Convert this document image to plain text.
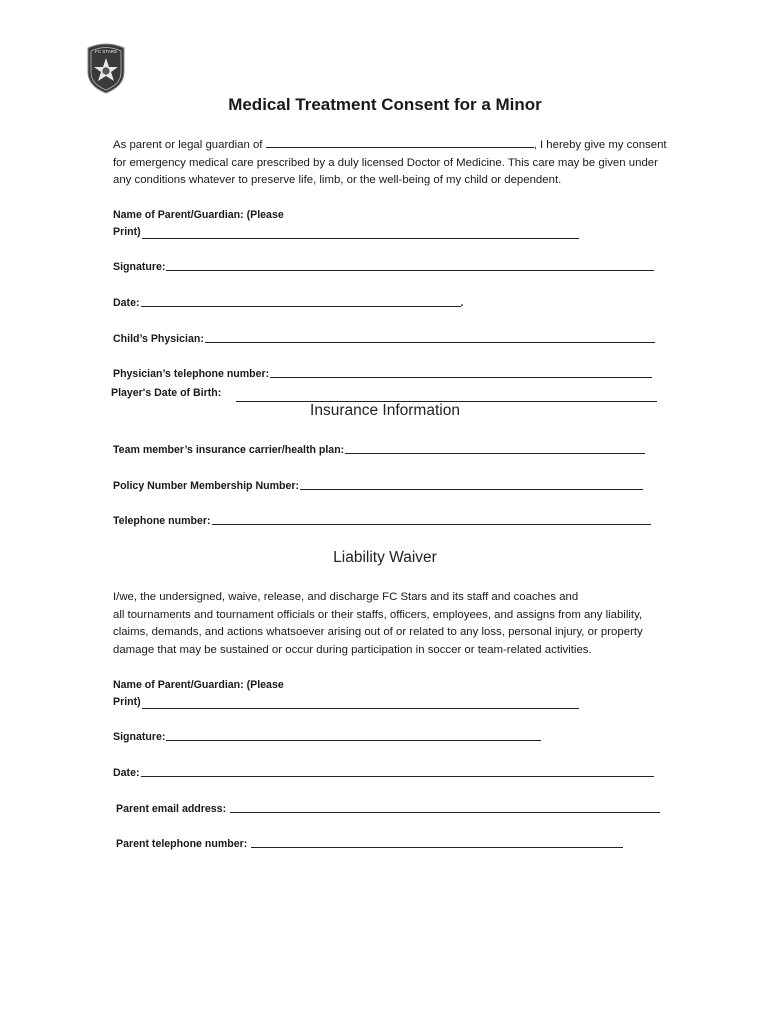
FC STARS
Medical Treatment Consent for a Minor
As parent or legal guardian of	, I hereby give my consent
for emergency medical care prescribed by a duly licensed Doctor of Medicine. This care may be given under
any conditions whatever to preserve life, limb, or the well-being of my child or dependent.
Name of Parent/Guardian: (Please
Print)
Signature:
Date:	.
Child’s Physician:
Physician’s telephone number:
Player's Date of Birth:
Insurance Information
Team member’s insurance carrier/health plan:
Policy Number Membership Number:
Telephone number:
Liability Waiver
I/we, the undersigned, waive, release, and discharge FC Stars and its staff and coaches and
all tournaments and tournament officials or their staffs, officers, employees, and assigns from any liability,
claims, demands, and actions whatsoever arising out of or related to any loss, personal injury, or property
damage that may be sustained or occur during participation in soccer or team-related activities.
Name of Parent/Guardian: (Please
Print)
Signature:
Date:
Parent email address:
Parent telephone number:
